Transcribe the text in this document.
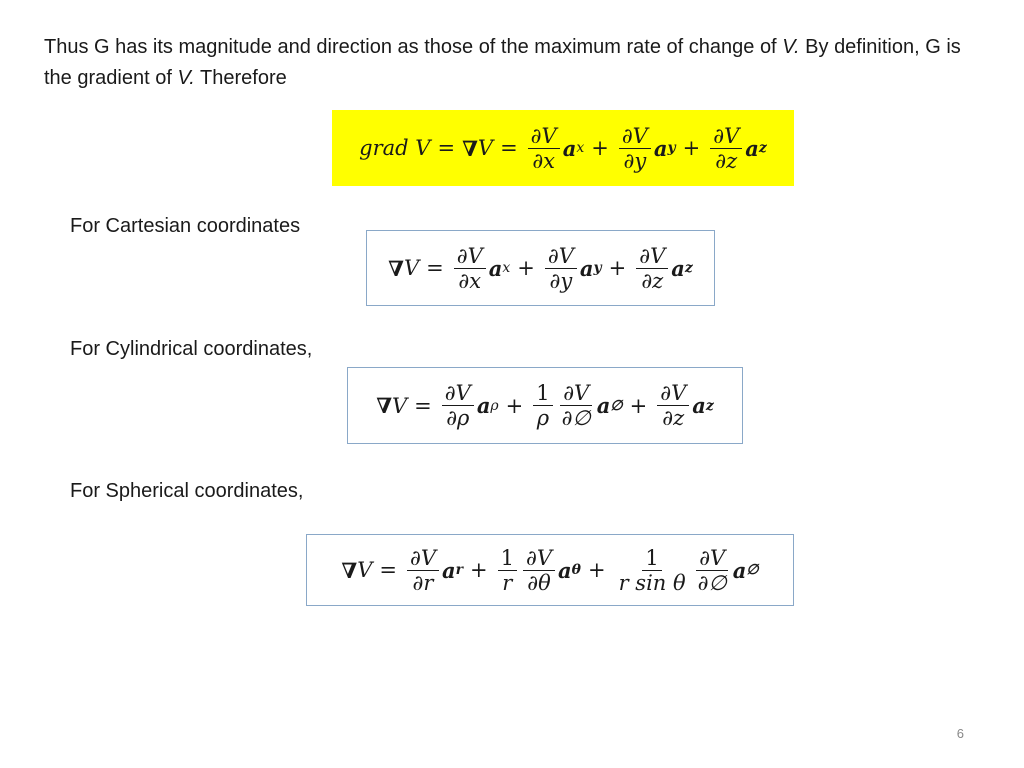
Thus G has its magnitude and direction as those of the maximum rate of change of V. By definition, G is the gradient of V. Therefore

grad V = ∇ $V = \frac{\partial V}{\partial x}$ a $x + \frac{\partial V}{\partial y}$ a $y + \frac{\partial V}{\partial z}$ a z

For Cartesian coordinates

∇ $V = \frac{\partial V}{\partial x}$ a $x + \frac{\partial V}{\partial y}$ a $y + \frac{\partial V}{\partial z}$ a z

For Cylindrical coordinates,

∇ $V = \frac{\partial V}{\partial\rho}$ a $\rho + \frac{1}{\rho} \frac{\partial V}{\partial\emptyset}$ a ∅ + $\frac{\partial V}{\partial z}$ a z

For Spherical coordinates,

∇ $V = \frac{\partial V}{\partial r}$ a $r + \frac{1}{r} \frac{\partial V}{\partial\theta}$ a $\theta + \frac{1}{\text{r sin θ}} \frac{\partial V}{\partial\emptyset}$ a ∅
6
